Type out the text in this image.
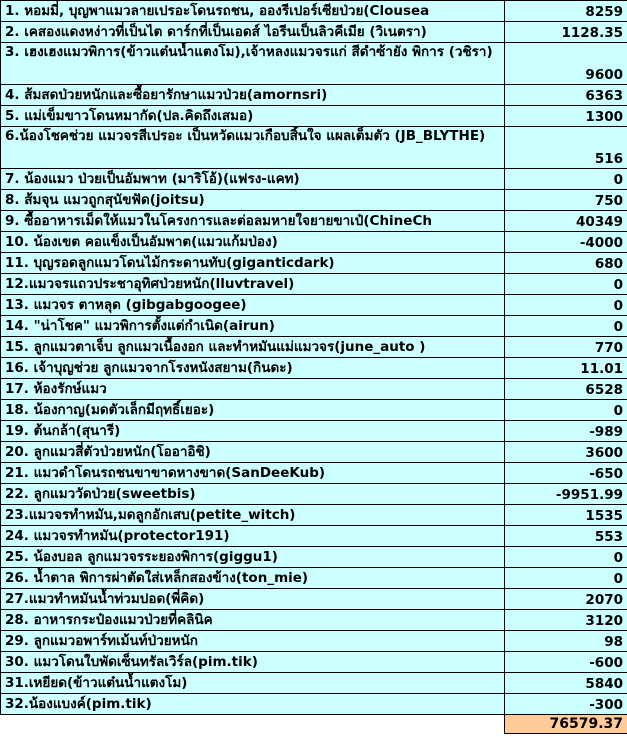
1. หอมมี่, บุญพาแมวลายเปรอะโดนรถชน, อองรีเปอร์เซียป่วย(Clousea	8259
2. เคสองแดงหง่าวที่เป็นไต ดาร์กที่เป็นเอดส์ ไอรีนเป็นลิวคีเมีย (วิเนตรา)	1128.35
3. เฮงเฮงแมวพิการ(ข้าวแต๋นน้ำแตงโม),เจ้าหลงแมวจรแก่ สีดำซ้ายัง พิการ (วชิรา)	9600
4. ส้มสดป่วยหนักและซื้อยารักษาแมวป่วย(amornsri)	6363
5. แม่เข็มขาวโดนหมากัด(ปล.คิดถึงเสมอ)	1300
6.น้องโชคช่วย แมวจรสีเปรอะ เป็นหวัดแมวเกือบสิ้นใจ แผลเต็มตัว (JB_BLYTHE)	516
7. น้องแมว ป่วยเป็นอัมพาท (มาริโอ้)(แฟรง-แคท)	0
8. ส้มจุน แมวถูกสุนัขฟัด(joitsu)	750
9. ซื้ออาหารเม็ดให้แมวในโครงการและต่อลมหายใจยายขาเป๋(ChineCh	40349
10. น้องเขต คอแข็งเป็นอัมพาต(แมวแก้มป่อง)	-4000
11. บุญรอดลูกแมวโดนไม้กระดานทับ(giganticdark)	680
12.แมวจรแถวประชาอุทิศป่วยหนัก(lluvtravel)	0
13. แมวจร ตาหลุด (gibgabgoogee)	0
14. "น่าโชค" แมวพิการตั้งแต่กำเนิด(airun)	0
15. ลูกแมวตาเจ็บ ลูกแมวเนื้องอก และทำหมันแม่แมวจร(june_auto )	770
16. เจ้าบุญช่วย ลูกแมวจากโรงหนังสยาม(กินดะ)	11.01
17. ห้องรักษ์แมว	6528
18. น้องกาญ(มดตัวเล็กมีฤทธิ์เยอะ)	0
19. ต้นกล้า(สุนารี)	-989
20. ลูกแมวสี่ตัวป่วยหนัก(โออาอิชิ)	3600
21. แมวดำโดนรถชนขาขาดหางขาด(SanDeeKub)	-650
22. ลูกแมววัดป่วย(sweetbis)	-9951.99
23.แมวจรทำหมัน,มดลูกอักเสบ(petite_witch)	1535
24. แมวจรทำหมัน(protector191)	553
25. น้องบอล ลูกแมวจรระยองพิการ(giggu1)	0
26. น้ำตาล พิการผ่าตัดใส่เหล็กสองข้าง(ton_mie)	0
27.แมวทำหมันน้ำท่วมปอด(พี่คิด)	2070
28. อาหารกระป๋องแมวป่วยที่คลินิค	3120
29. ลูกแมวอพาร์ทเม้นท์ป่วยหนัก	98
30. แมวโดนใบพัดเซ็นทรัลเวิร์ล(pim.tik)	-600
31.เหยียด(ข้าวแต๋นน้ำแตงโม)	5840
32.น้องแบงค์(pim.tik)	-300
	76579.37
